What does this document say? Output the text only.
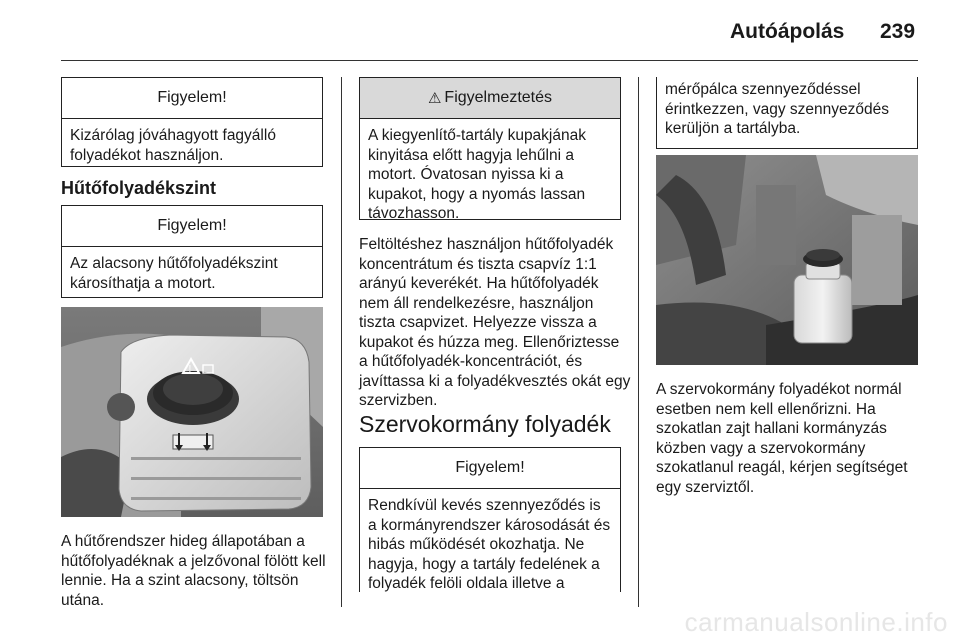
Autóápolás 239
Figyelem!
Kizárólag jóváhagyott fagyálló folyadékot használjon.
Hűtőfolyadékszint
Figyelem!
Az alacsony hűtőfolyadékszint károsíthatja a motort.
!
A hűtőrendszer hideg állapotában a hűtőfolyadéknak a jelzővonal fölött kell lennie. Ha a szint alacsony, töltsön utána.
⚠ Figyelmeztetés
A kiegyenlítő-tartály kupakjának kinyitása előtt hagyja lehűlni a motort. Óvatosan nyissa ki a kupakot, hogy a nyomás lassan távozhasson.
Feltöltéshez használjon hűtőfolyadék koncentrátum és tiszta csapvíz 1:1 arányú keverékét. Ha hűtőfolyadék nem áll rendelkezésre, használjon tiszta csapvizet. Helyezze vissza a kupakot és húzza meg. Ellenőriztesse a hűtőfolyadék-koncentrációt, és javíttassa ki a folyadékvesztés okát egy szervizben.
Szervokormány folyadék
Figyelem!
Rendkívül kevés szennyeződés is a kormányrendszer károsodását és hibás működését okozhatja. Ne hagyja, hogy a tartály fedelének a folyadék felöli oldala illetve a
mérőpálca szennyeződéssel érintkezzen, vagy szennyeződés kerüljön a tartályba.
A szervokormány folyadékot normál esetben nem kell ellenőrizni. Ha szokatlan zajt hallani kormányzás közben vagy a szervokormány szokatlanul reagál, kérjen segítséget egy szerviztől.
carmanualsonline.info
